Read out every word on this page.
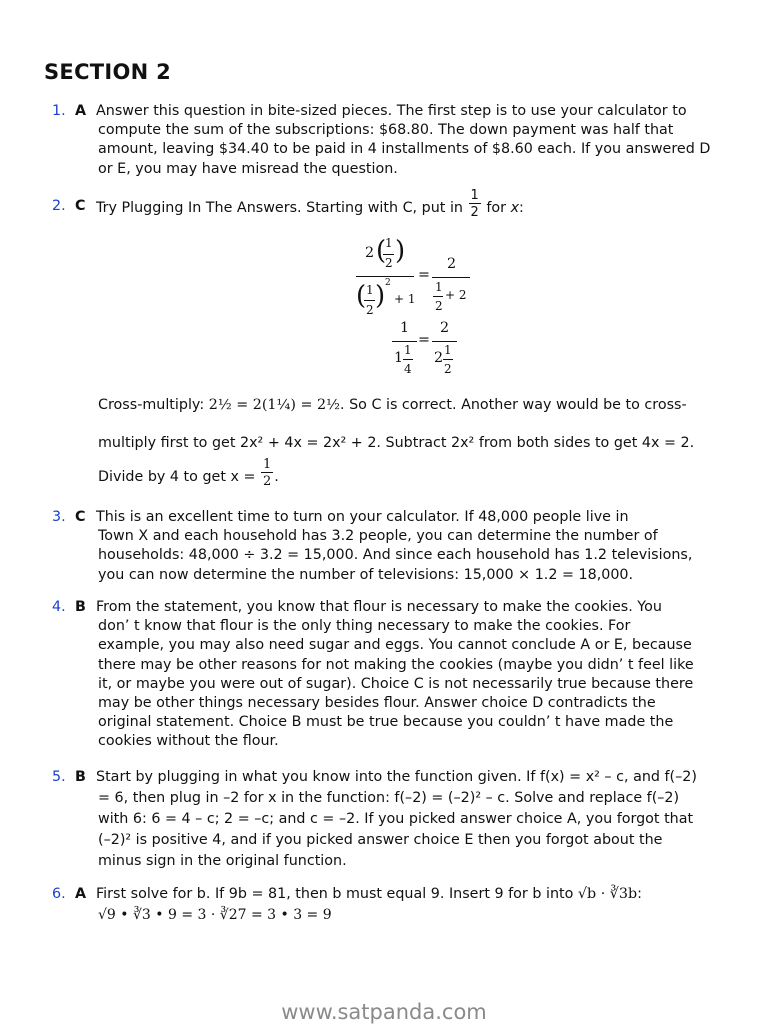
SECTION 2
1. A Answer this question in bite-sized pieces. The first step is to use your calculator to
compute the sum of the subscriptions: $68.80. The down payment was half that
amount, leaving $34.40 to be paid in 4 installments of $8.60 each. If you answered D
or E, you may have misread the question.
2. C Try Plugging In The Answers. Starting with C, put in $\frac{1}{2}$ for x:
2 (
1
2 )
( 1
2 ) 2
+ 1
=
2
1
2
+ 2
1
1 1
4
=
2
2 1
2
Cross-multiply: 2½ = 2(1¼) = 2½. So C is correct. Another way would be to cross-
multiply first to get 2x² + 4x = 2x² + 2. Subtract 2x² from both sides to get 4x = 2.
Divide by 4 to get $x = \frac{1}{2}$ .
3. C This is an excellent time to turn on your calculator. If 48,000 people live in
Town X and each household has 3.2 people, you can determine the number of
households: 48,000 ÷ 3.2 = 15,000. And since each household has 1.2 televisions,
you can now determine the number of televisions: 15,000 × 1.2 = 18,000.
4. B From the statement, you know that flour is necessary to make the cookies. You
don’ t know that flour is the only thing necessary to make the cookies. For
example, you may also need sugar and eggs. You cannot conclude A or E, because
there may be other reasons for not making the cookies (maybe you didn’ t feel like
it, or maybe you were out of sugar). Choice C is not necessarily true because there
may be other things necessary besides flour. Answer choice D contradicts the
original statement. Choice B must be true because you couldn’ t have made the
cookies without the flour.
5. B Start by plugging in what you know into the function given. If f(x) = x² – c, and f(–2)
= 6, then plug in –2 for x in the function: f(–2) = (–2)² – c. Solve and replace f(–2)
with 6: 6 = 4 – c; 2 = –c; and c = –2. If you picked answer choice A, you forgot that
(–2)² is positive 4, and if you picked answer choice E then you forgot about the
minus sign in the original function.
6. A First solve for b. If 9b = 81, then b must equal 9. Insert 9 for b into √b · ∛3b:
√9 • ∛3 • 9 = 3 · ∛27 = 3 • 3 = 9
www.satpanda.com
